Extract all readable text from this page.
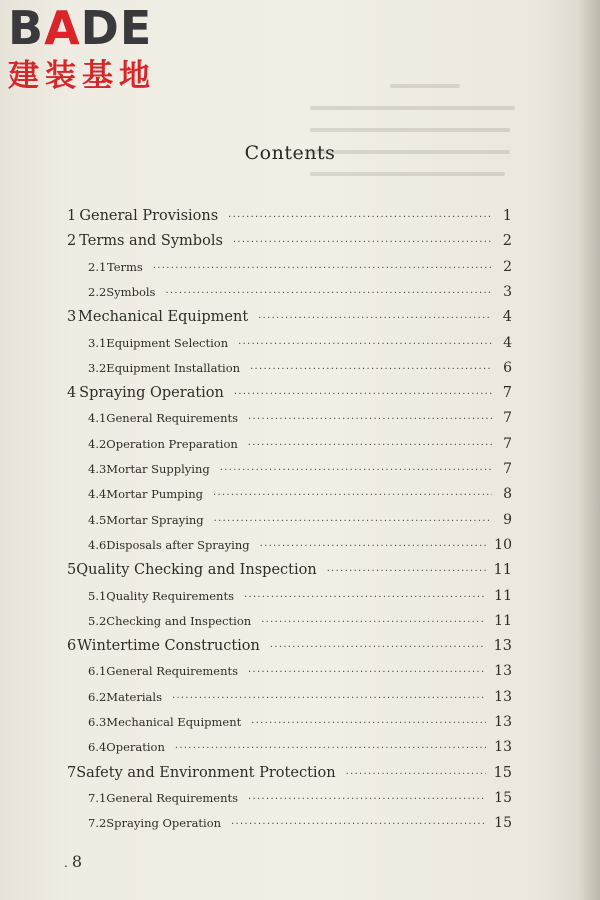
BADE
建装基地
Contents
1 General Provisions ·····	1
2 Terms and Symbols ·····	2
2.1 Terms ·····	2
2.2 Symbols ·····	3
3 Mechanical Equipment ·····	4
3.1 Equipment Selection ·····	4
3.2 Equipment Installation ·····	6
4 Spraying Operation ·····	7
4.1 General Requirements ·····	7
4.2 Operation Preparation ·····	7
4.3 Mortar Supplying ·····	7
4.4 Mortar Pumping ·····	8
4.5 Mortar Spraying ·····	9
4.6 Disposals after Spraying ·····	10
5 Quality Checking and Inspection ·····	11
5.1 Quality Requirements ·····	11
5.2 Checking and Inspection ·····	11
6 Wintertime Construction ·····	13
6.1 General Requirements ·····	13
6.2 Materials ·····	13
6.3 Mechanical Equipment ·····	13
6.4 Operation ·····	13
7 Safety and Environment Protection ·····	15
7.1 General Requirements ·····	15
7.2 Spraying Operation ·····	15
. 8
